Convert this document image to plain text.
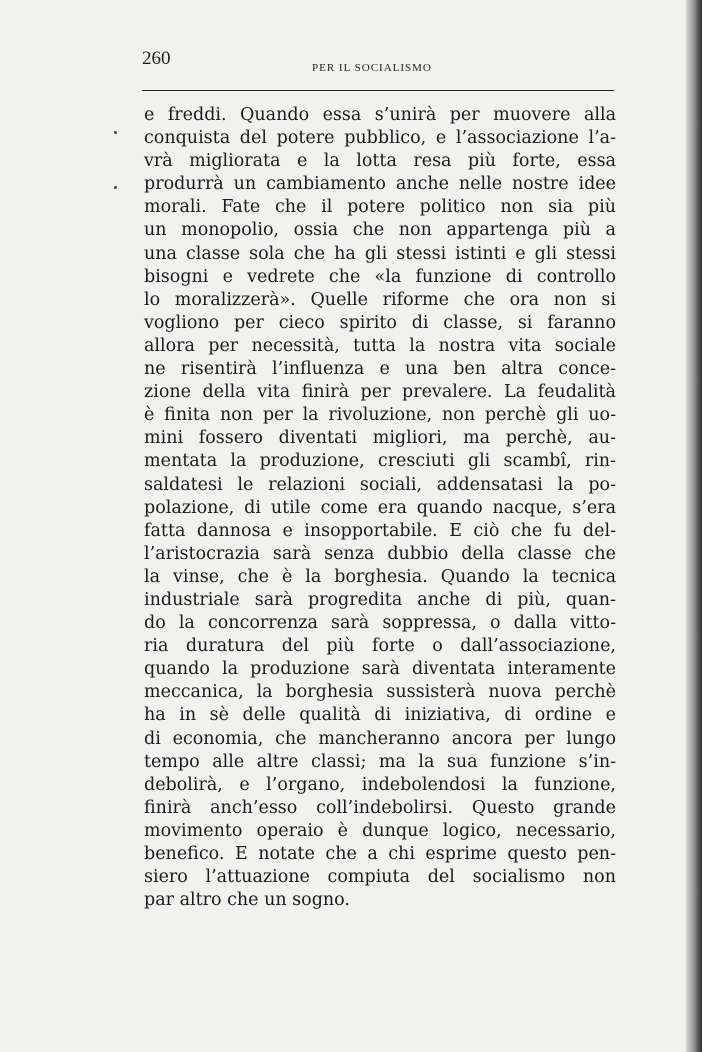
260	PER IL SOCIALISMO
e freddi. Quando essa s’unirà per muovere alla
conquista del potere pubblico, e l’associazione l’a-
vrà migliorata e la lotta resa più forte, essa
produrrà un cambiamento anche nelle nostre idee
morali. Fate che il potere politico non sia più
un monopolio, ossia che non appartenga più a
una classe sola che ha gli stessi istinti e gli stessi
bisogni e vedrete che «la funzione di controllo
lo moralizzerà». Quelle riforme che ora non si
vogliono per cieco spirito di classe, si faranno
allora per necessità, tutta la nostra vita sociale
ne risentirà l’influenza e una ben altra conce-
zione della vita finirà per prevalere. La feudalità
è finita non per la rivoluzione, non perchè gli uo-
mini fossero diventati migliori, ma perchè, au-
mentata la produzione, cresciuti gli scambî, rin-
saldatesi le relazioni sociali, addensatasi la po-
polazione, di utile come era quando nacque, s’era
fatta dannosa e insopportabile. E ciò che fu del-
l’aristocrazia sarà senza dubbio della classe che
la vinse, che è la borghesia. Quando la tecnica
industriale sarà progredita anche di più, quan-
do la concorrenza sarà soppressa, o dalla vitto-
ria duratura del più forte o dall’associazione,
quando la produzione sarà diventata interamente
meccanica, la borghesia sussisterà nuova perchè
ha in sè delle qualità di iniziativa, di ordine e
di economia, che mancheranno ancora per lungo
tempo alle altre classi; ma la sua funzione s’in-
debolirà, e l’organo, indebolendosi la funzione,
finirà anch’esso coll’indebolirsi. Questo grande
movimento operaio è dunque logico, necessario,
benefico. E notate che a chi esprime questo pen-
siero l’attuazione compiuta del socialismo non
par altro che un sogno.
